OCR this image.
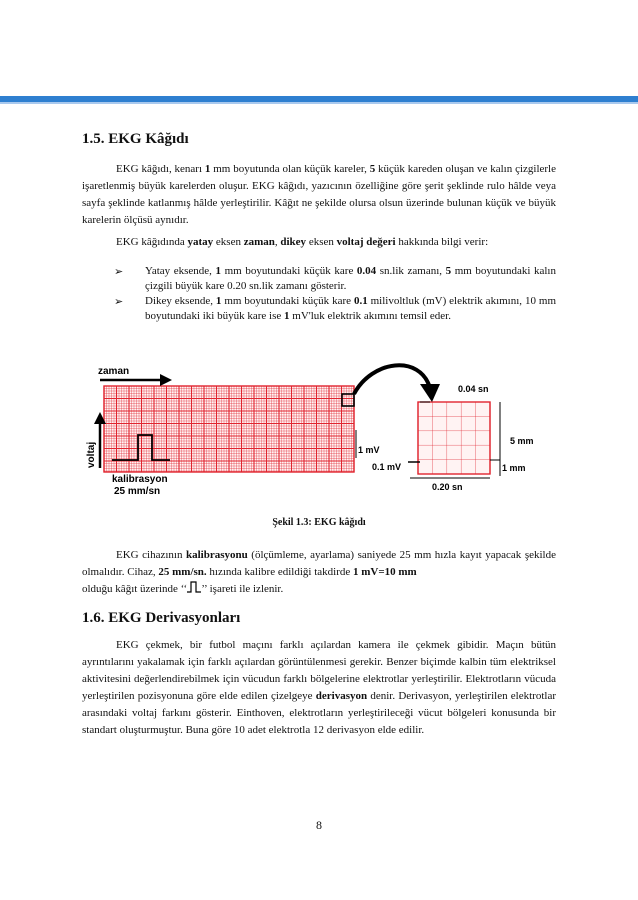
1.5. EKG Kâğıdı
EKG kâğıdı, kenarı 1 mm boyutunda olan küçük kareler, 5 küçük kareden oluşan ve kalın çizgilerle işaretlenmiş büyük karelerden oluşur. EKG kâğıdı, yazıcının özelliğine göre şerit şeklinde rulo hâlde veya sayfa şeklinde katlanmış hâlde yerleştirilir. Kâğıt ne şekilde olursa olsun üzerinde bulunan küçük ve büyük karelerin ölçüsü aynıdır.
EKG kâğıdında yatay eksen zaman, dikey eksen voltaj değeri hakkında bilgi verir:
➢ Yatay eksende, 1 mm boyutundaki küçük kare 0.04 sn.lik zamanı, 5 mm boyutundaki kalın çizgili büyük kare 0.20 sn.lik zamanı gösterir.
➢ Dikey eksende, 1 mm boyutundaki küçük kare 0.1 milivoltluk (mV) elektrik akımını, 10 mm boyutundaki iki büyük kare ise 1 mV'luk elektrik akımını temsil eder.
zaman
voltaj
kalibrasyon
25 mm/sn
1 mV
0.1 mV
0.04 sn
0.20 sn
5 mm
1 mm
Şekil 1.3: EKG kâğıdı
EKG cihazının kalibrasyonu (ölçümleme, ayarlama) saniyede 25 mm hızla kayıt yapacak şekilde olmalıdır. Cihaz, 25 mm/sn. hızında kalibre edildiği takdirde 1 mV=10 mm
olduğu kâğıt üzerinde ‘‘ ’’ işareti ile izlenir.
1.6. EKG Derivasyonları
EKG çekmek, bir futbol maçını farklı açılardan kamera ile çekmek gibidir. Maçın bütün ayrıntılarını yakalamak için farklı açılardan görüntülenmesi gerekir. Benzer biçimde kalbin tüm elektriksel aktivitesini değerlendirebilmek için vücudun farklı bölgelerine elektrotlar yerleştirilir. Elektrotların vücuda yerleştirilen pozisyonuna göre elde edilen çizelgeye derivasyon denir. Derivasyon, yerleştirilen elektrotlar arasındaki voltaj farkını gösterir. Einthoven, elektrotların yerleştirileceği vücut bölgeleri konusunda bir standart oluşturmuştur. Buna göre 10 adet elektrotla 12 derivasyon elde edilir.
8
